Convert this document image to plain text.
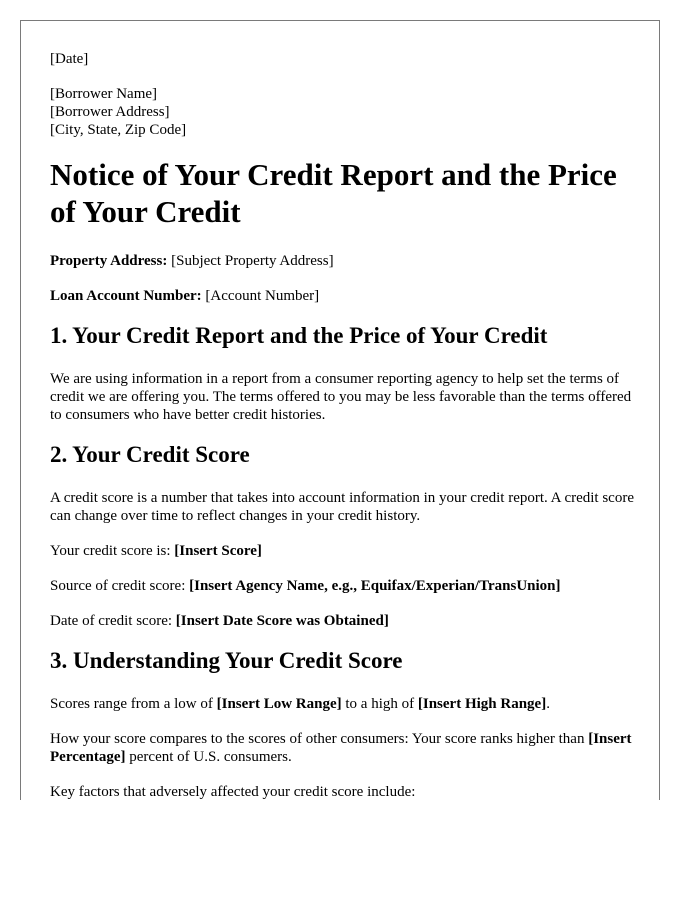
[Date]

[Borrower Name]
[Borrower Address]
[City, State, Zip Code]

Notice of Your Credit Report and the Price of Your Credit

Property Address: [Subject Property Address]

Loan Account Number: [Account Number]

1. Your Credit Report and the Price of Your Credit

We are using information in a report from a consumer reporting agency to help set the terms of credit we are offering you. The terms offered to you may be less favorable than the terms offered to consumers who have better credit histories.

2. Your Credit Score

A credit score is a number that takes into account information in your credit report. A credit score can change over time to reflect changes in your credit history.

Your credit score is: [Insert Score]

Source of credit score: [Insert Agency Name, e.g., Equifax/Experian/TransUnion]

Date of credit score: [Insert Date Score was Obtained]

3. Understanding Your Credit Score

Scores range from a low of [Insert Low Range] to a high of [Insert High Range].

How your score compares to the scores of other consumers: Your score ranks higher than [Insert Percentage] percent of U.S. consumers.

Key factors that adversely affected your credit score include:
